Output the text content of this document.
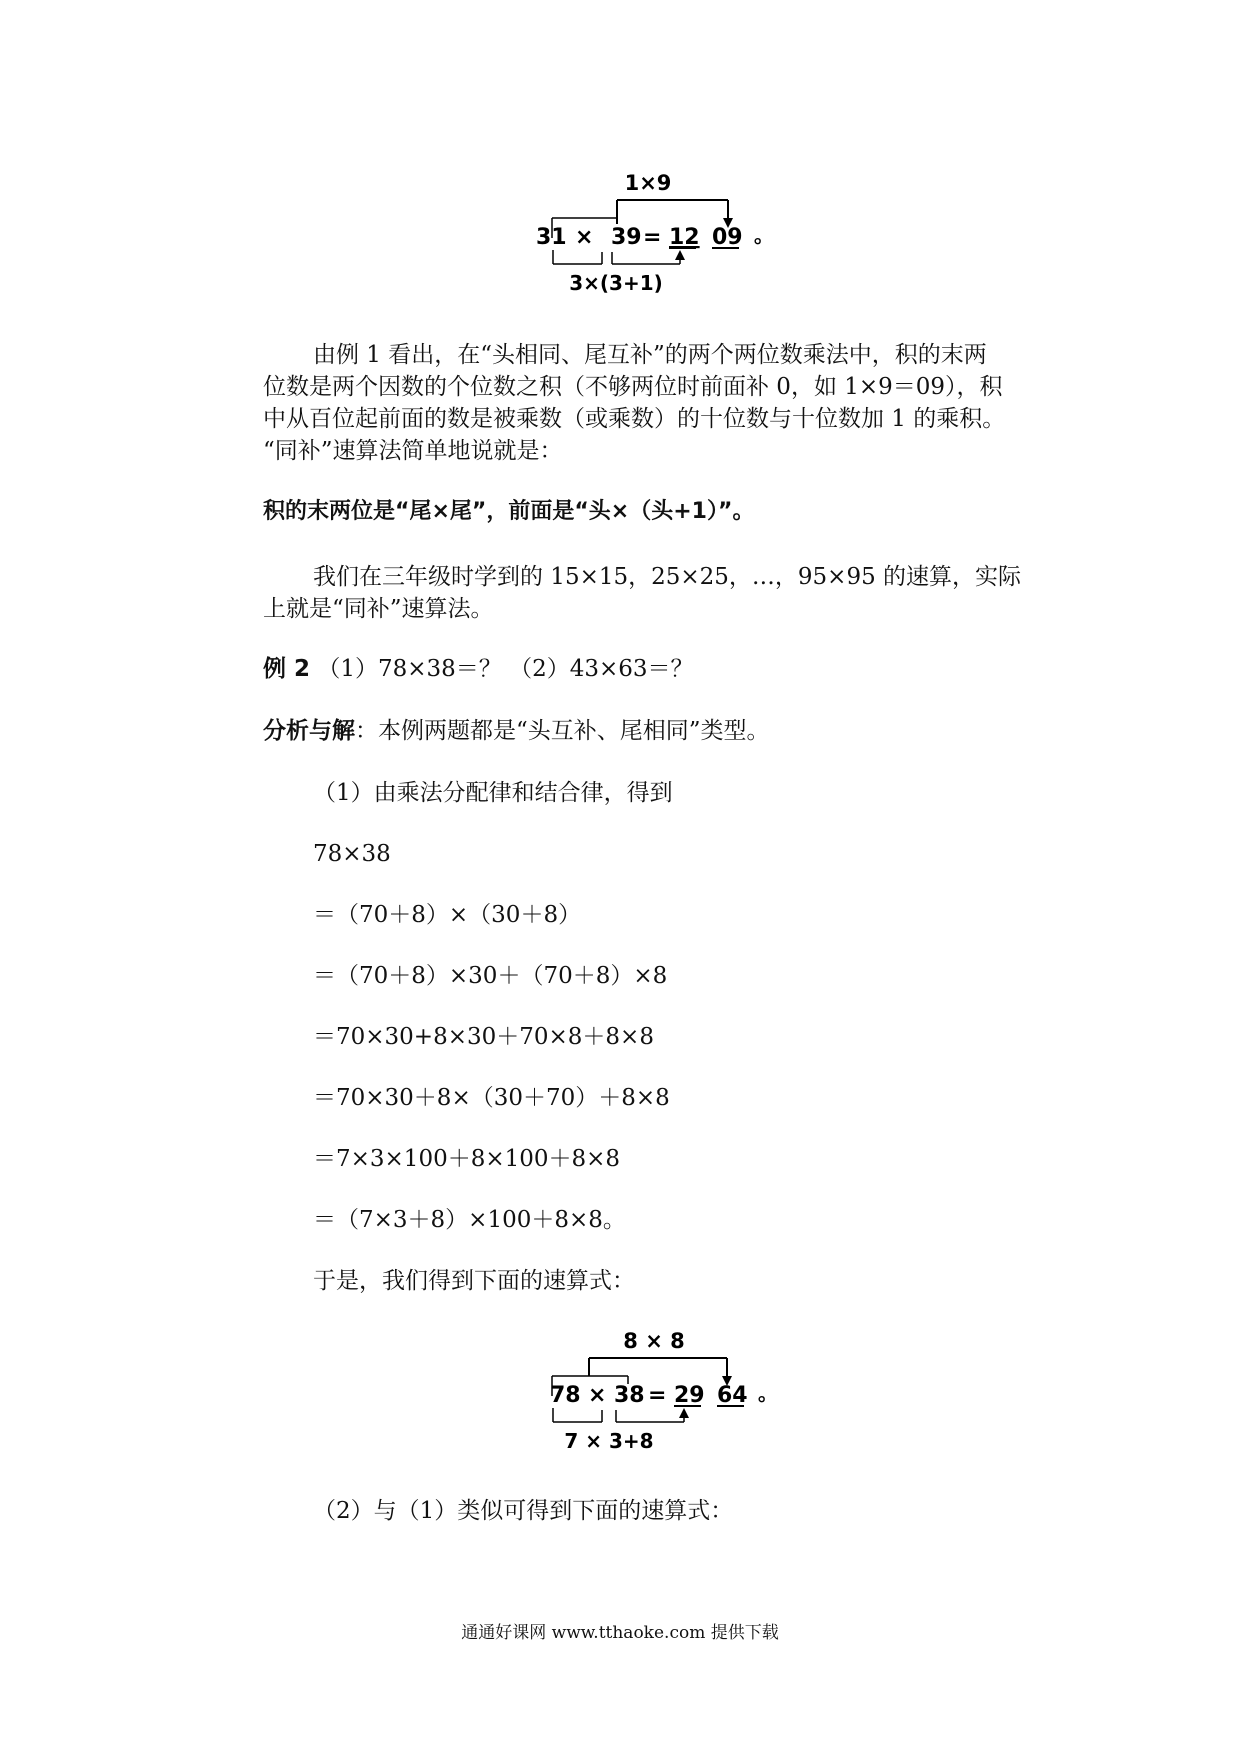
1×9
31 × 39 = 12 09 。
3×(3+1)
由例 1 看出，在“头相同、尾互补”的两个两位数乘法中，积的末两
位数是两个因数的个位数之积（不够两位时前面补 0，如 1×9＝09），积
中从百位起前面的数是被乘数（或乘数）的十位数与十位数加 1 的乘积。
“同补”速算法简单地说就是：
积的末两位是“尾×尾”，前面是“头×（头+1）”。
我们在三年级时学到的 15×15，25×25，…，95×95 的速算，实际
上就是“同补”速算法。
例 2 （1）78×38＝？ （2）43×63＝？
分析与解：本例两题都是“头互补、尾相同”类型。
（1）由乘法分配律和结合律，得到
78×38
＝（70＋8）×（30＋8）
＝（70＋8）×30＋（70＋8）×8
＝70×30+8×30＋70×8＋8×8
＝70×30＋8×（30＋70）＋8×8
＝7×3×100＋8×100＋8×8
＝（7×3＋8）×100＋8×8。
于是，我们得到下面的速算式：
8 × 8
78 × 38 = 29 64 。
7 × 3+8
（2）与（1）类似可得到下面的速算式：
通通好课网 www.tthaoke.com 提供下载
